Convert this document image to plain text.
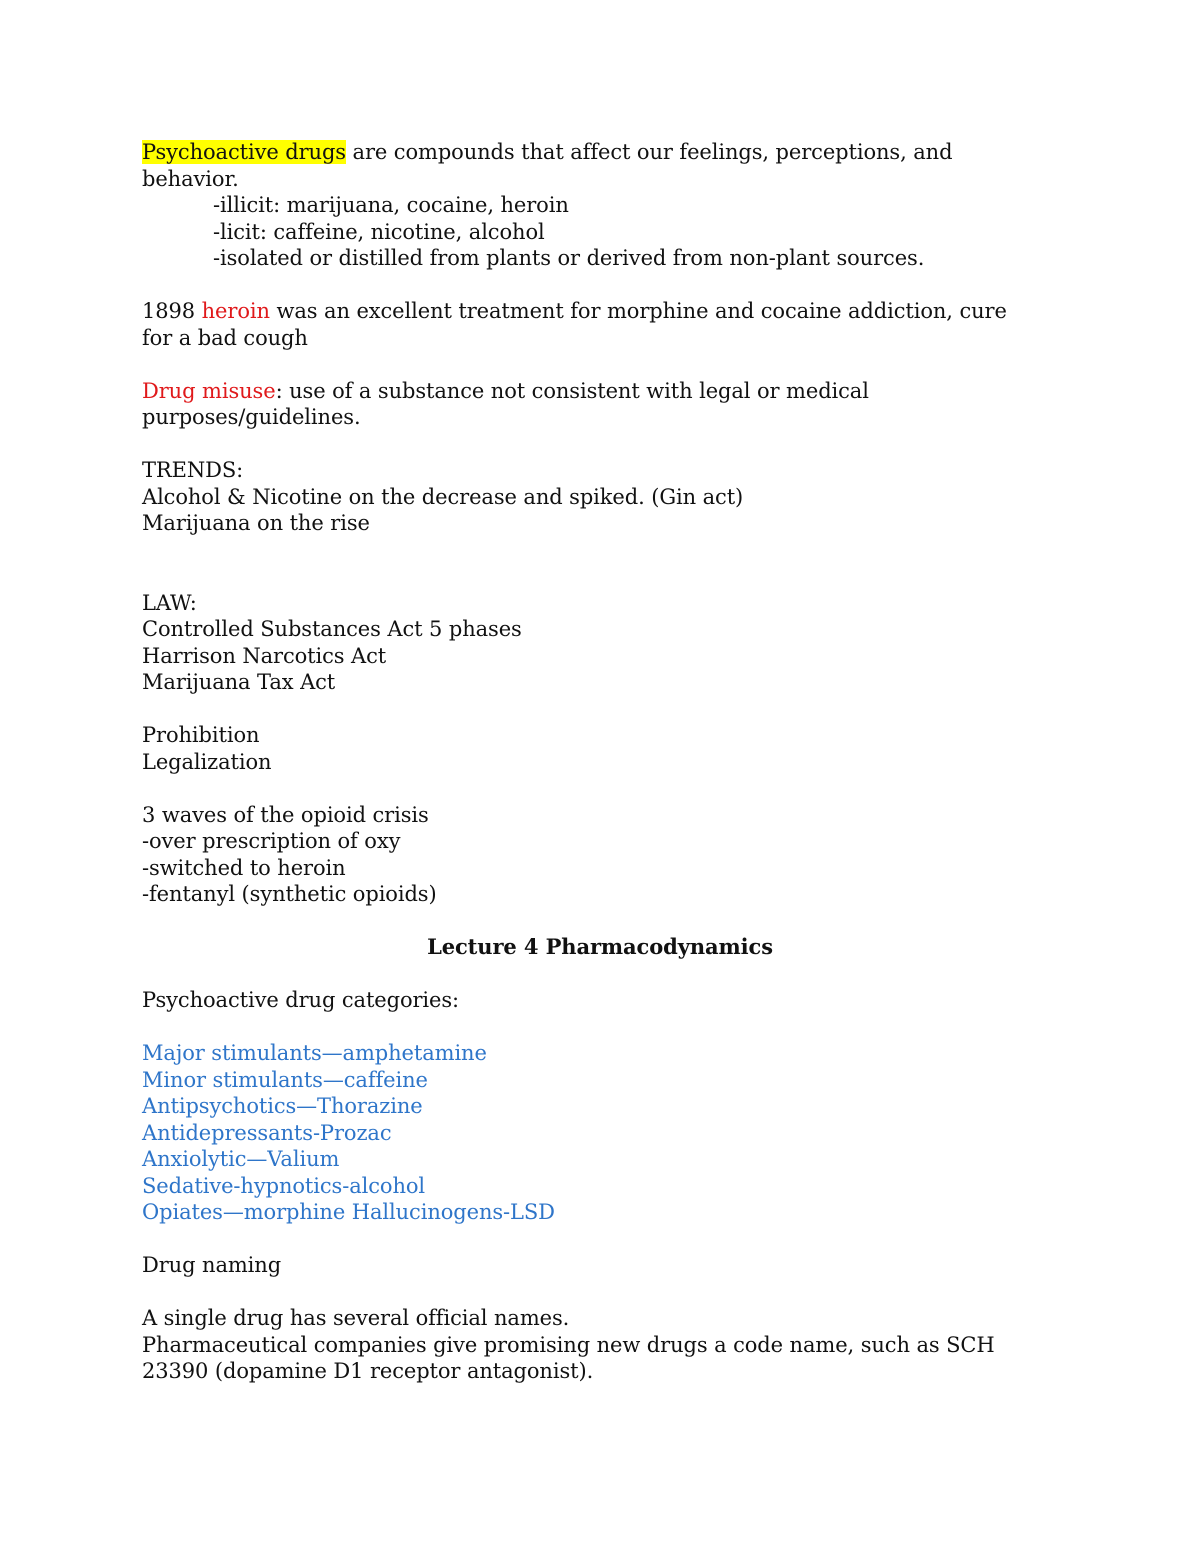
Psychoactive drugs are compounds that affect our feelings, perceptions, and behavior.
-illicit: marijuana, cocaine, heroin
-licit: caffeine, nicotine, alcohol
-isolated or distilled from plants or derived from non-plant sources.
1898 heroin was an excellent treatment for morphine and cocaine addiction, cure for a bad cough
Drug misuse: use of a substance not consistent with legal or medical purposes/guidelines.
TRENDS:
Alcohol & Nicotine on the decrease and spiked. (Gin act)
Marijuana on the rise
LAW:
Controlled Substances Act 5 phases
Harrison Narcotics Act
Marijuana Tax Act
Prohibition
Legalization
3 waves of the opioid crisis
-over prescription of oxy
-switched to heroin
-fentanyl (synthetic opioids)
Lecture 4 Pharmacodynamics
Psychoactive drug categories:
Major stimulants—amphetamine
Minor stimulants—caffeine
Antipsychotics—Thorazine
Antidepressants-Prozac
Anxiolytic—Valium
Sedative-hypnotics-alcohol
Opiates—morphine Hallucinogens-LSD
Drug naming
A single drug has several official names.
Pharmaceutical companies give promising new drugs a code name, such as SCH 23390 (dopamine D1 receptor antagonist).
